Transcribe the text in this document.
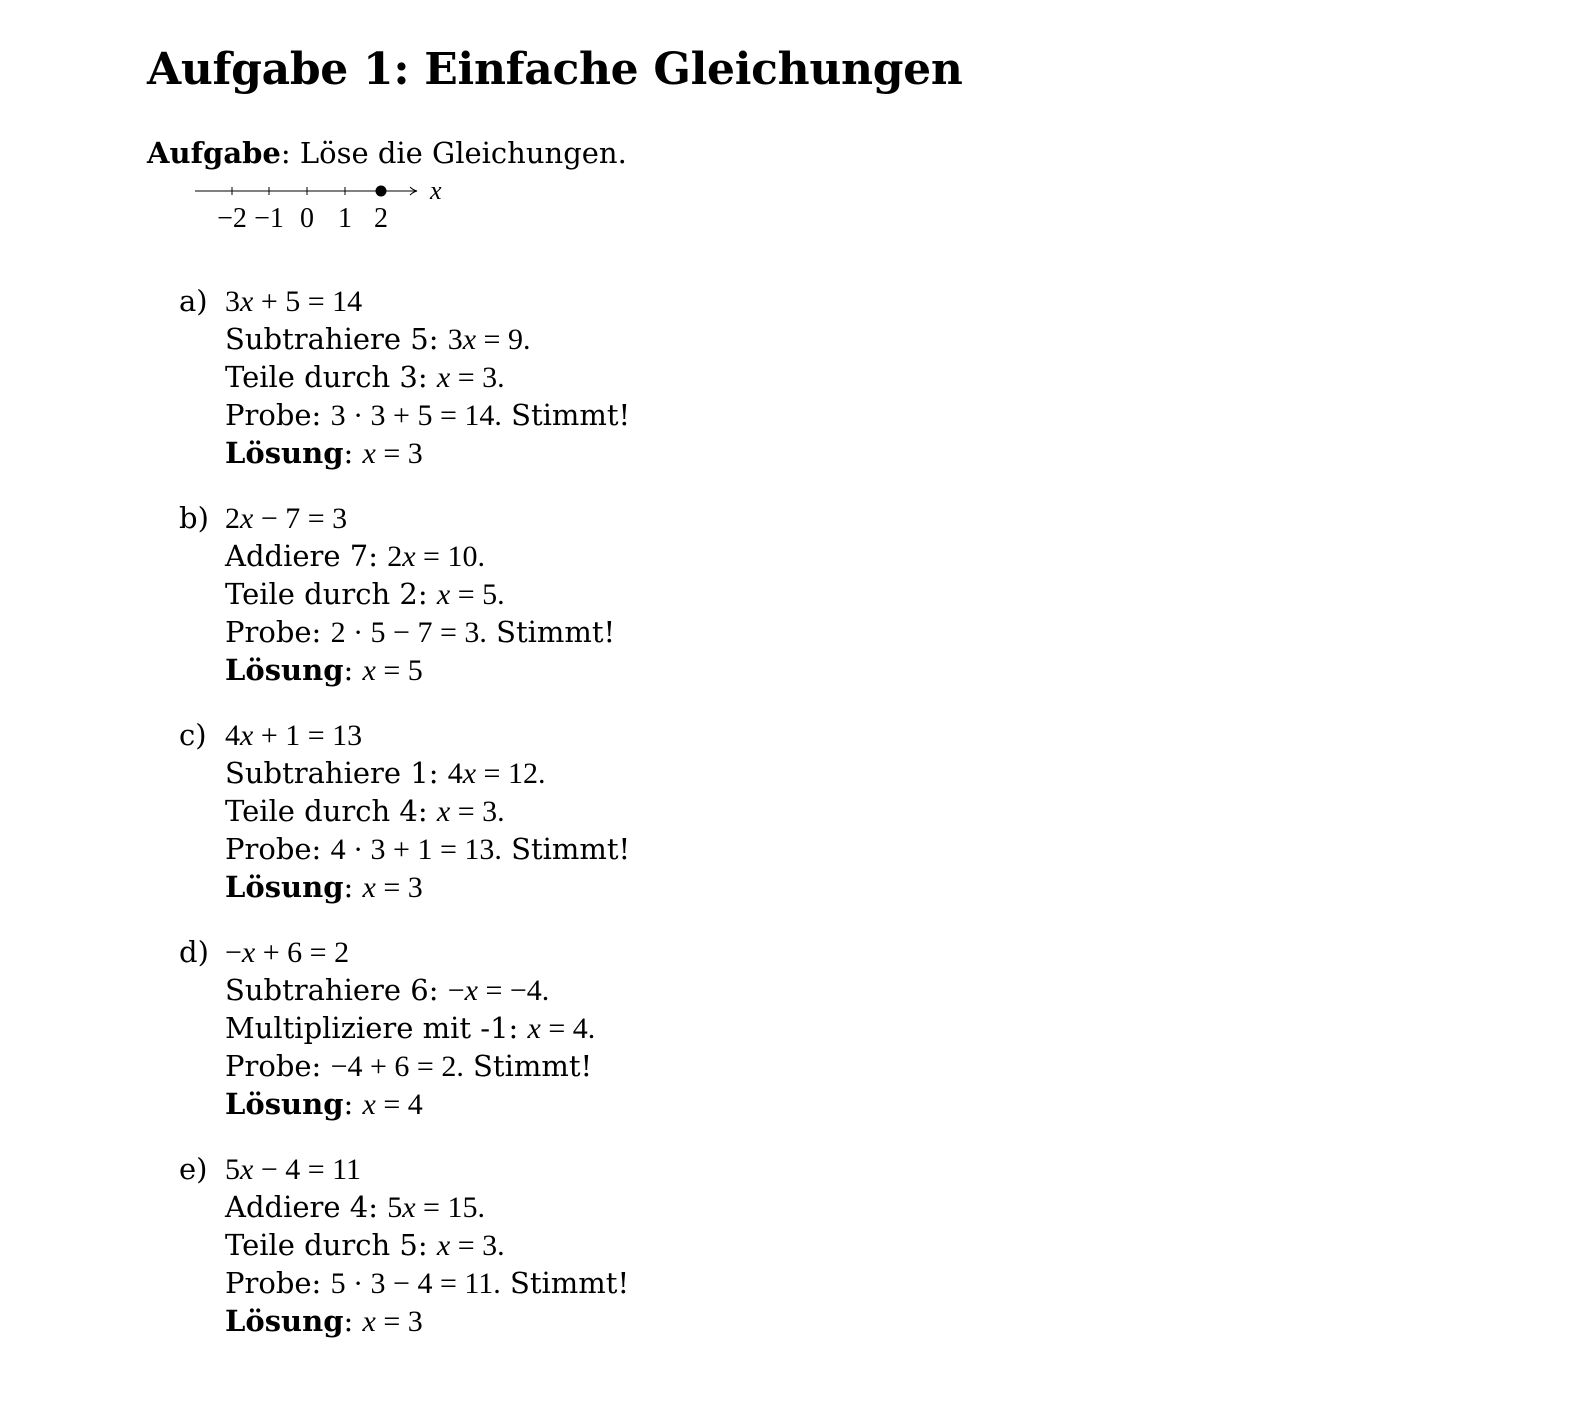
Aufgabe 1: Einfache Gleichungen
Aufgabe: Löse die Gleichungen.
x
−2 −1 0 1 2
a) 3x + 5 = 14
Subtrahiere 5: 3x = 9.
Teile durch 3: x = 3.
Probe: 3 · 3 + 5 = 14. Stimmt!
Lösung: x = 3
b) 2x − 7 = 3
Addiere 7: 2x = 10.
Teile durch 2: x = 5.
Probe: 2 · 5 − 7 = 3. Stimmt!
Lösung: x = 5
c) 4x + 1 = 13
Subtrahiere 1: 4x = 12.
Teile durch 4: x = 3.
Probe: 4 · 3 + 1 = 13. Stimmt!
Lösung: x = 3
d) −x + 6 = 2
Subtrahiere 6: −x = −4.
Multipliziere mit -1: x = 4.
Probe: −4 + 6 = 2. Stimmt!
Lösung: x = 4
e) 5x − 4 = 11
Addiere 4: 5x = 15.
Teile durch 5: x = 3.
Probe: 5 · 3 − 4 = 11. Stimmt!
Lösung: x = 3
